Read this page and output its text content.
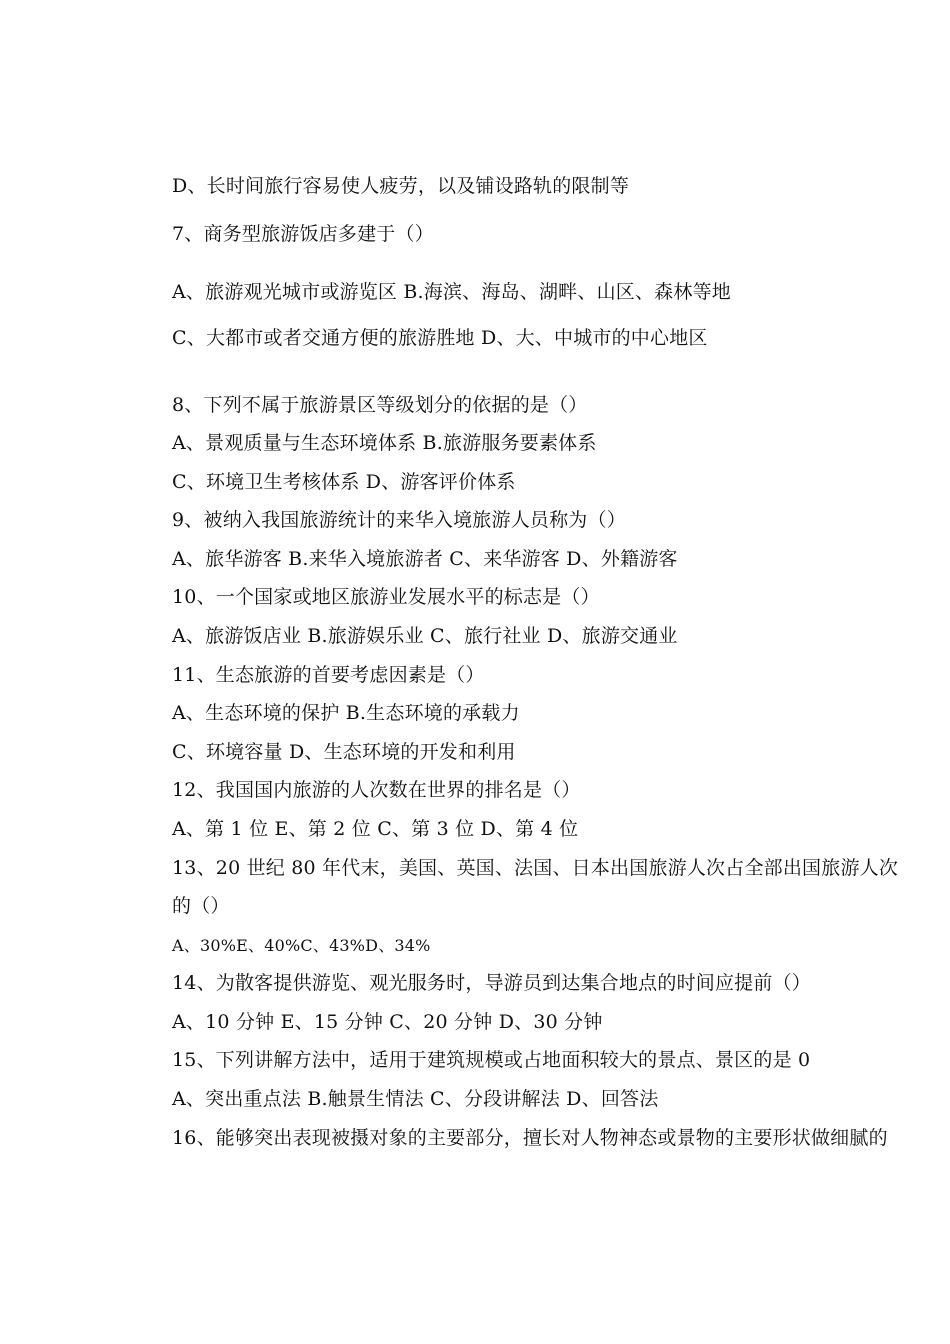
D、长时间旅行容易使人疲劳，以及铺设路轨的限制等
7、商务型旅游饭店多建于（）
A、旅游观光城市或游览区 B.海滨、海岛、湖畔、山区、森林等地
C、大都市或者交通方便的旅游胜地 D、大、中城市的中心地区
8、下列不属于旅游景区等级划分的依据的是（）
A、景观质量与生态环境体系 B.旅游服务要素体系
C、环境卫生考核体系 D、游客评价体系
9、被纳入我国旅游统计的来华入境旅游人员称为（）
A、旅华游客 B.来华入境旅游者 C、来华游客 D、外籍游客
10、一个国家或地区旅游业发展水平的标志是（）
A、旅游饭店业 B.旅游娱乐业 C、旅行社业 D、旅游交通业
11、生态旅游的首要考虑因素是（）
A、生态环境的保护 B.生态环境的承载力
C、环境容量 D、生态环境的开发和利用
12、我国国内旅游的人次数在世界的排名是（）
A、第 1 位 E、第 2 位 C、第 3 位 D、第 4 位
13、20 世纪 80 年代末，美国、英国、法国、日本出国旅游人次占全部出国旅游人次
的（）
A、30%E、40%C、43%D、34%
14、为散客提供游览、观光服务时，导游员到达集合地点的时间应提前（）
A、10 分钟 E、15 分钟 C、20 分钟 D、30 分钟
15、下列讲解方法中，适用于建筑规模或占地面积较大的景点、景区的是 0
A、突出重点法 B.触景生情法 C、分段讲解法 D、回答法
16、能够突出表现被摄对象的主要部分，擅长对人物神态或景物的主要形状做细腻的
